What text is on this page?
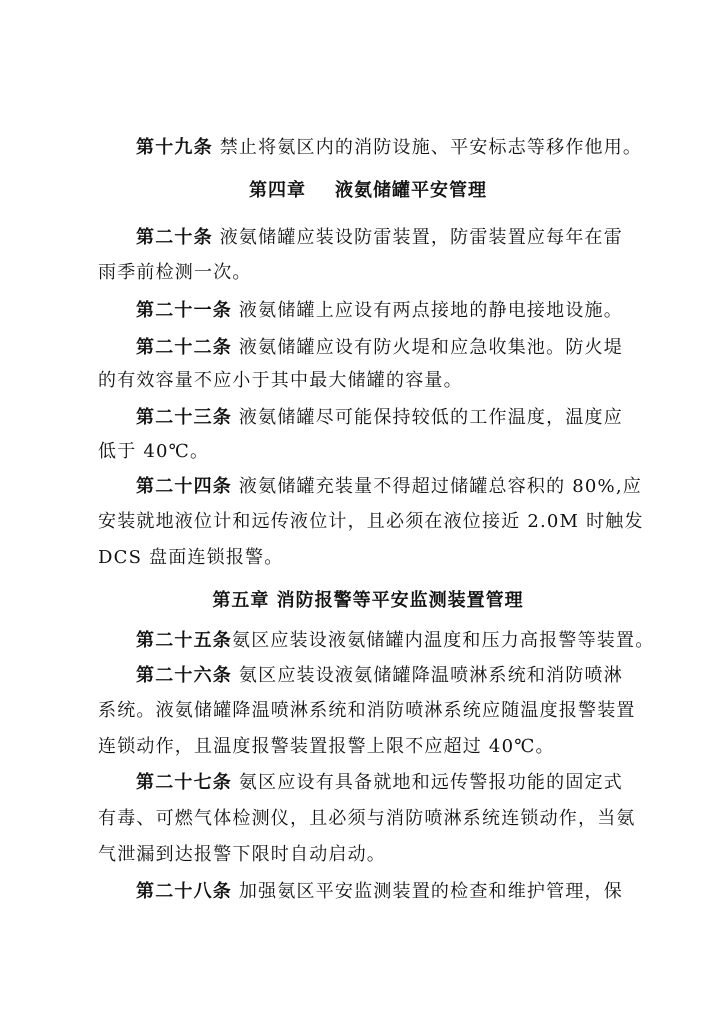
第十九条 禁止将氨区内的消防设施、平安标志等移作他用。
第四章    液氨储罐平安管理
第二十条 液氨储罐应装设防雷装置，防雷装置应每年在雷
雨季前检测一次。
第二十一条 液氨储罐上应设有两点接地的静电接地设施。
第二十二条 液氨储罐应设有防火堤和应急收集池。防火堤
的有效容量不应小于其中最大储罐的容量。
第二十三条 液氨储罐尽可能保持较低的工作温度，温度应
低于 40℃。
第二十四条 液氨储罐充装量不得超过储罐总容积的 80%,应
安装就地液位计和远传液位计，且必须在液位接近 2.0M 时触发
DCS 盘面连锁报警。
第五章 消防报警等平安监测装置管理
第二十五条氨区应装设液氨储罐内温度和压力高报警等装置。
第二十六条 氨区应装设液氨储罐降温喷淋系统和消防喷淋
系统。液氨储罐降温喷淋系统和消防喷淋系统应随温度报警装置
连锁动作，且温度报警装置报警上限不应超过 40℃。
第二十七条 氨区应设有具备就地和远传警报功能的固定式
有毒、可燃气体检测仪，且必须与消防喷淋系统连锁动作，当氨
气泄漏到达报警下限时自动启动。
第二十八条 加强氨区平安监测装置的检查和维护管理，保
